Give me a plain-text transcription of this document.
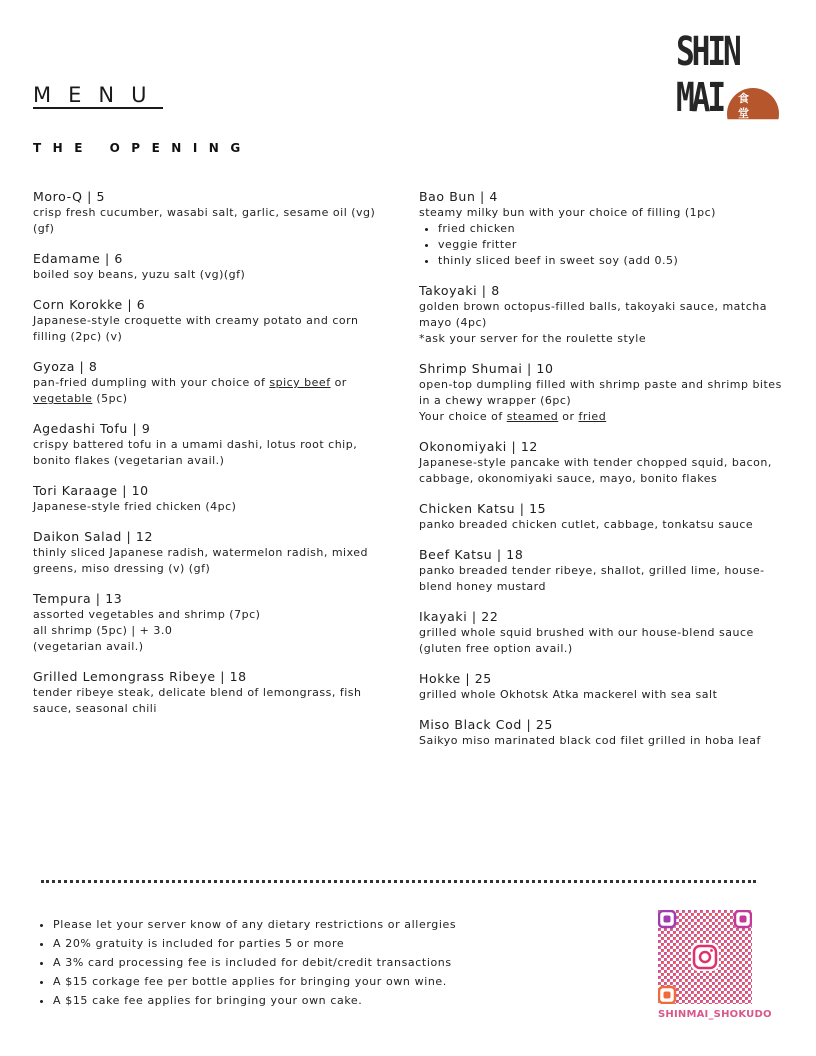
MENU
THE OPENING
SHIN
MAI 食
堂
Moro-Q | 5
crisp fresh cucumber, wasabi salt, garlic, sesame oil (vg)(gf)
Edamame | 6
boiled soy beans, yuzu salt (vg)(gf)
Corn Korokke | 6
Japanese-style croquette with creamy potato and corn filling (2pc) (v)
Gyoza | 8
pan-fried dumpling with your choice of spicy beef or vegetable (5pc)
Agedashi Tofu | 9
crispy battered tofu in a umami dashi, lotus root chip, bonito flakes (vegetarian avail.)
Tori Karaage | 10
Japanese-style fried chicken (4pc)
Daikon Salad | 12
thinly sliced Japanese radish, watermelon radish, mixed greens, miso dressing (v) (gf)
Tempura | 13
assorted vegetables and shrimp (7pc)
all shrimp (5pc) | + 3.0
(vegetarian avail.)
Grilled Lemongrass Ribeye | 18
tender ribeye steak, delicate blend of lemongrass, fish sauce, seasonal chili
Bao Bun | 4
steamy milky bun with your choice of filling (1pc)
• fried chicken
• veggie fritter
• thinly sliced beef in sweet soy (add 0.5)
Takoyaki | 8
golden brown octopus-filled balls, takoyaki sauce, matcha mayo (4pc)
*ask your server for the roulette style
Shrimp Shumai | 10
open-top dumpling filled with shrimp paste and shrimp bites in a chewy wrapper (6pc)
Your choice of steamed or fried
Okonomiyaki | 12
Japanese-style pancake with tender chopped squid, bacon, cabbage, okonomiyaki sauce, mayo, bonito flakes
Chicken Katsu | 15
panko breaded chicken cutlet, cabbage, tonkatsu sauce
Beef Katsu | 18
panko breaded tender ribeye, shallot, grilled lime, house-blend honey mustard
Ikayaki | 22
grilled whole squid brushed with our house-blend sauce (gluten free option avail.)
Hokke | 25
grilled whole Okhotsk Atka mackerel with sea salt
Miso Black Cod | 25
Saikyo miso marinated black cod filet grilled in hoba leaf
• Please let your server know of any dietary restrictions or allergies
• A 20% gratuity is included for parties 5 or more
• A 3% card processing fee is included for debit/credit transactions
• A $15 corkage fee per bottle applies for bringing your own wine.
• A $15 cake fee applies for bringing your own cake.
SHINMAI_SHOKUDO
